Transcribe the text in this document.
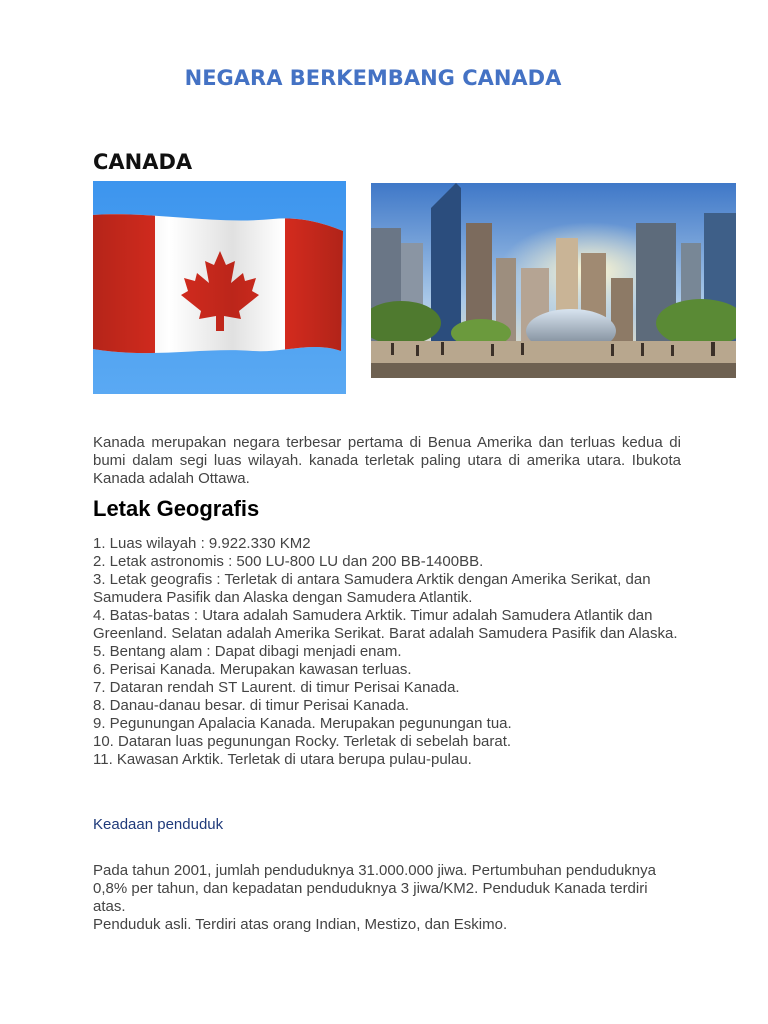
NEGARA BERKEMBANG CANADA
CANADA
Kanada merupakan negara terbesar pertama di Benua Amerika dan terluas kedua di bumi dalam segi luas wilayah. kanada terletak paling utara di amerika utara. Ibukota Kanada adalah Ottawa.
Letak Geografis
1. Luas wilayah : 9.922.330 KM2
2. Letak astronomis : 500 LU-800 LU dan 200 BB-1400BB.
3. Letak geografis : Terletak di antara Samudera Arktik dengan Amerika Serikat, dan Samudera Pasifik dan Alaska dengan Samudera Atlantik.
4. Batas-batas : Utara adalah Samudera Arktik. Timur adalah Samudera Atlantik dan Greenland. Selatan adalah Amerika Serikat. Barat adalah Samudera Pasifik dan Alaska.
5. Bentang alam : Dapat dibagi menjadi enam.
6. Perisai Kanada. Merupakan kawasan terluas.
7. Dataran rendah ST Laurent. di timur Perisai Kanada.
8. Danau-danau besar. di timur Perisai Kanada.
9. Pegunungan Apalacia Kanada. Merupakan pegunungan tua.
10. Dataran luas pegunungan Rocky. Terletak di sebelah barat.
11. Kawasan Arktik. Terletak di utara berupa pulau-pulau.
Keadaan penduduk

Pada tahun 2001, jumlah penduduknya 31.000.000 jiwa. Pertumbuhan penduduknya 0,8% per tahun, dan kepadatan penduduknya 3 jiwa/KM2. Penduduk Kanada terdiri atas.

Penduduk asli. Terdiri atas orang Indian, Mestizo, dan Eskimo.
